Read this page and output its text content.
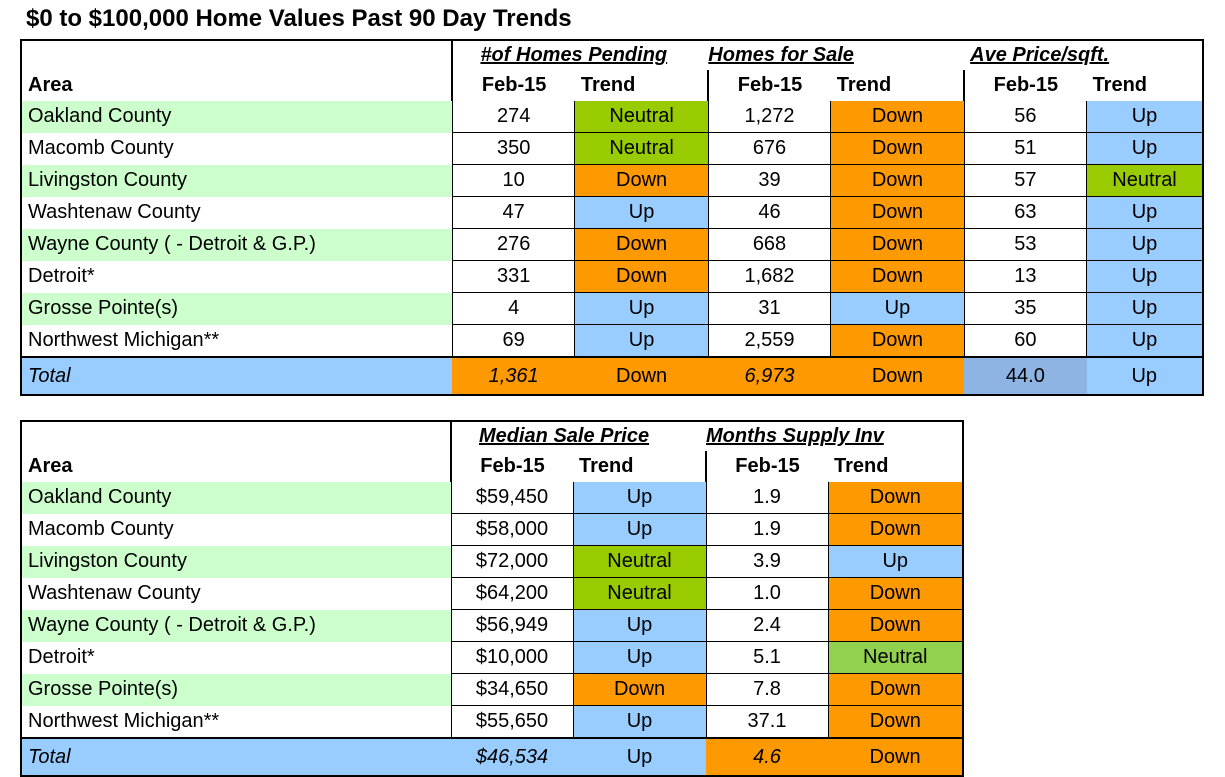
$0 to $100,000 Home Values Past 90 Day Trends
	#of Homes Pending		Homes for Sale		Ave Price/sqft.	
Area	Feb-15	Trend	Feb-15	Trend	Feb-15	Trend
Oakland County	274	Neutral	1,272	Down	56	Up
Macomb County	350	Neutral	676	Down	51	Up
Livingston County	10	Down	39	Down	57	Neutral
Washtenaw County	47	Up	46	Down	63	Up
Wayne County ( - Detroit & G.P.)	276	Down	668	Down	53	Up
Detroit*	331	Down	1,682	Down	13	Up
Grosse Pointe(s)	4	Up	31	Up	35	Up
Northwest Michigan**	69	Up	2,559	Down	60	Up
Total	1,361	Down	6,973	Down	44.0	Up
	Median Sale Price		Months Supply Inv	
Area	Feb-15	Trend	Feb-15	Trend
Oakland County	$59,450	Up	1.9	Down
Macomb County	$58,000	Up	1.9	Down
Livingston County	$72,000	Neutral	3.9	Up
Washtenaw County	$64,200	Neutral	1.0	Down
Wayne County ( - Detroit & G.P.)	$56,949	Up	2.4	Down
Detroit*	$10,000	Up	5.1	Neutral
Grosse Pointe(s)	$34,650	Down	7.8	Down
Northwest Michigan**	$55,650	Up	37.1	Down
Total	$46,534	Up	4.6	Down
